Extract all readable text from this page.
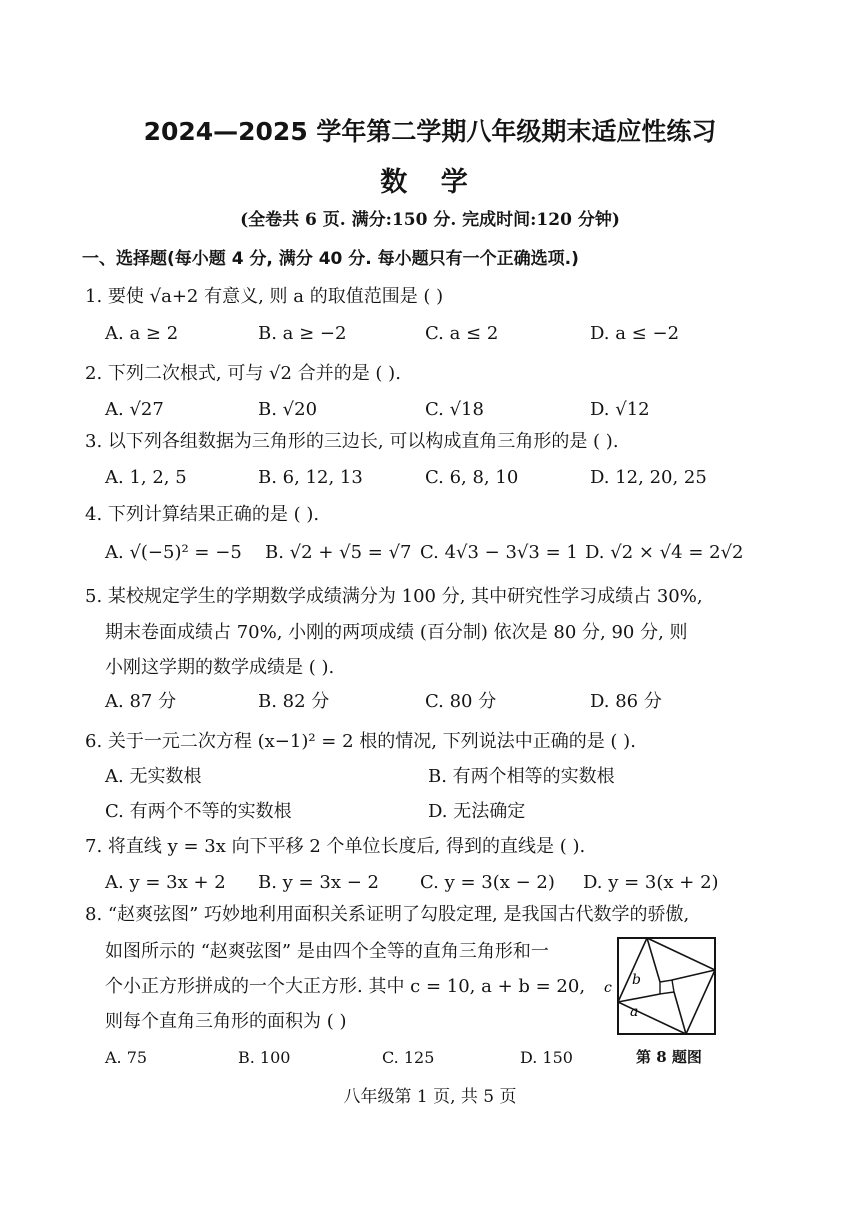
2024—2025 学年第二学期八年级期末适应性练习
数 学
(全卷共 6 页. 满分:150 分. 完成时间:120 分钟)
一、选择题(每小题 4 分, 满分 40 分. 每小题只有一个正确选项.)
1. 要使 √a+2 有意义, 则 a 的取值范围是 ( )
A. a ≥ 2	B. a ≥ −2	C. a ≤ 2	D. a ≤ −2
2. 下列二次根式, 可与 √2 合并的是 ( ).
A. √27	B. √20	C. √18	D. √12
3. 以下列各组数据为三角形的三边长, 可以构成直角三角形的是 ( ).
A. 1, 2, 5	B. 6, 12, 13	C. 6, 8, 10	D. 12, 20, 25
4. 下列计算结果正确的是 ( ).
A. √(−5)² = −5 B. √2 + √5 = √7 C. 4√3 − 3√3 = 1 D. √2 × √4 = 2√2
5. 某校规定学生的学期数学成绩满分为 100 分, 其中研究性学习成绩占 30%,
期末卷面成绩占 70%, 小刚的两项成绩 (百分制) 依次是 80 分, 90 分, 则
小刚这学期的数学成绩是 ( ).
A. 87 分	B. 82 分	C. 80 分	D. 86 分
6. 关于一元二次方程 (x−1)² = 2 根的情况, 下列说法中正确的是 ( ).
A. 无实数根	B. 有两个相等的实数根
C. 有两个不等的实数根	D. 无法确定
7. 将直线 y = 3x 向下平移 2 个单位长度后, 得到的直线是 ( ).
A. y = 3x + 2 B. y = 3x − 2 C. y = 3(x − 2) D. y = 3(x + 2)
8. “赵爽弦图” 巧妙地利用面积关系证明了勾股定理, 是我国古代数学的骄傲,
如图所示的 “赵爽弦图” 是由四个全等的直角三角形和一
个小正方形拼成的一个大正方形. 其中 c = 10, a + b = 20,
则每个直角三角形的面积为 ( )
A. 75	B. 100	C. 125	D. 150
c b
a
第 8 题图
八年级第 1 页, 共 5 页
